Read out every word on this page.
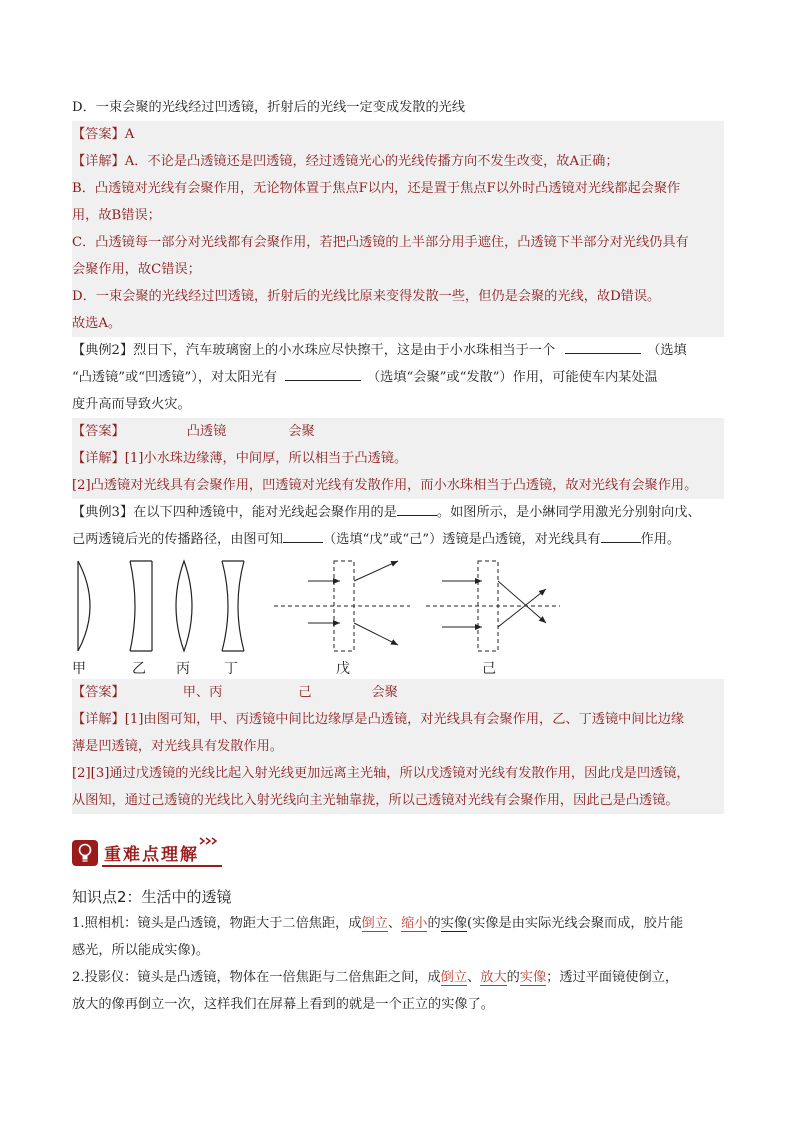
D．一束会聚的光线经过凹透镜，折射后的光线一定变成发散的光线
【答案】A
【详解】A．不论是凸透镜还是凹透镜，经过透镜光心的光线传播方向不发生改变，故A正确；
B．凸透镜对光线有会聚作用，无论物体置于焦点F以内，还是置于焦点F以外时凸透镜对光线都起会聚作
用，故B错误；
C．凸透镜每一部分对光线都有会聚作用，若把凸透镜的上半部分用手遮住，凸透镜下半部分对光线仍具有
会聚作用，故C错误；
D．一束会聚的光线经过凹透镜，折射后的光线比原来变得发散一些，但仍是会聚的光线，故D错误。
故选A。
【典例2】烈日下，汽车玻璃窗上的小水珠应尽快擦干，这是由于小水珠相当于一个	（选填
“凸透镜”或“凹透镜”），对太阳光有	（选填“会聚”或“发散”）作用，可能使车内某处温
度升高而导致火灾。
【答案】	凸透镜	会聚
【详解】[1]小水珠边缘薄，中间厚，所以相当于凸透镜。
[2]凸透镜对光线具有会聚作用，凹透镜对光线有发散作用，而小水珠相当于凸透镜，故对光线有会聚作用。
【典例3】在以下四种透镜中，能对光线起会聚作用的是	。如图所示，是小綝同学用激光分别射向戊、
己两透镜后光的传播路径，由图可知	（选填“戊”或“己”）透镜是凸透镜，对光线具有	作用。
甲	乙 丙 丁	戊	己
【答案】	甲、丙	己	会聚
【详解】[1]由图可知，甲、丙透镜中间比边缘厚是凸透镜，对光线具有会聚作用，乙、丁透镜中间比边缘
薄是凹透镜，对光线具有发散作用。
[2][3]通过戊透镜的光线比起入射光线更加远离主光轴，所以戊透镜对光线有发散作用，因此戊是凹透镜，
从图知，通过己透镜的光线比入射光线向主光轴靠拢，所以己透镜对光线有会聚作用，因此己是凸透镜。
重难点理解
知识点2：生活中的透镜
1.照相机：镜头是凸透镜，物距大于二倍焦距，成倒立、缩小的实像(实像是由实际光线会聚而成，胶片能
感光，所以能成实像)。
2.投影仪：镜头是凸透镜，物体在一倍焦距与二倍焦距之间，成倒立、放大的实像；透过平面镜使倒立，
放大的像再倒立一次，这样我们在屏幕上看到的就是一个正立的实像了。
